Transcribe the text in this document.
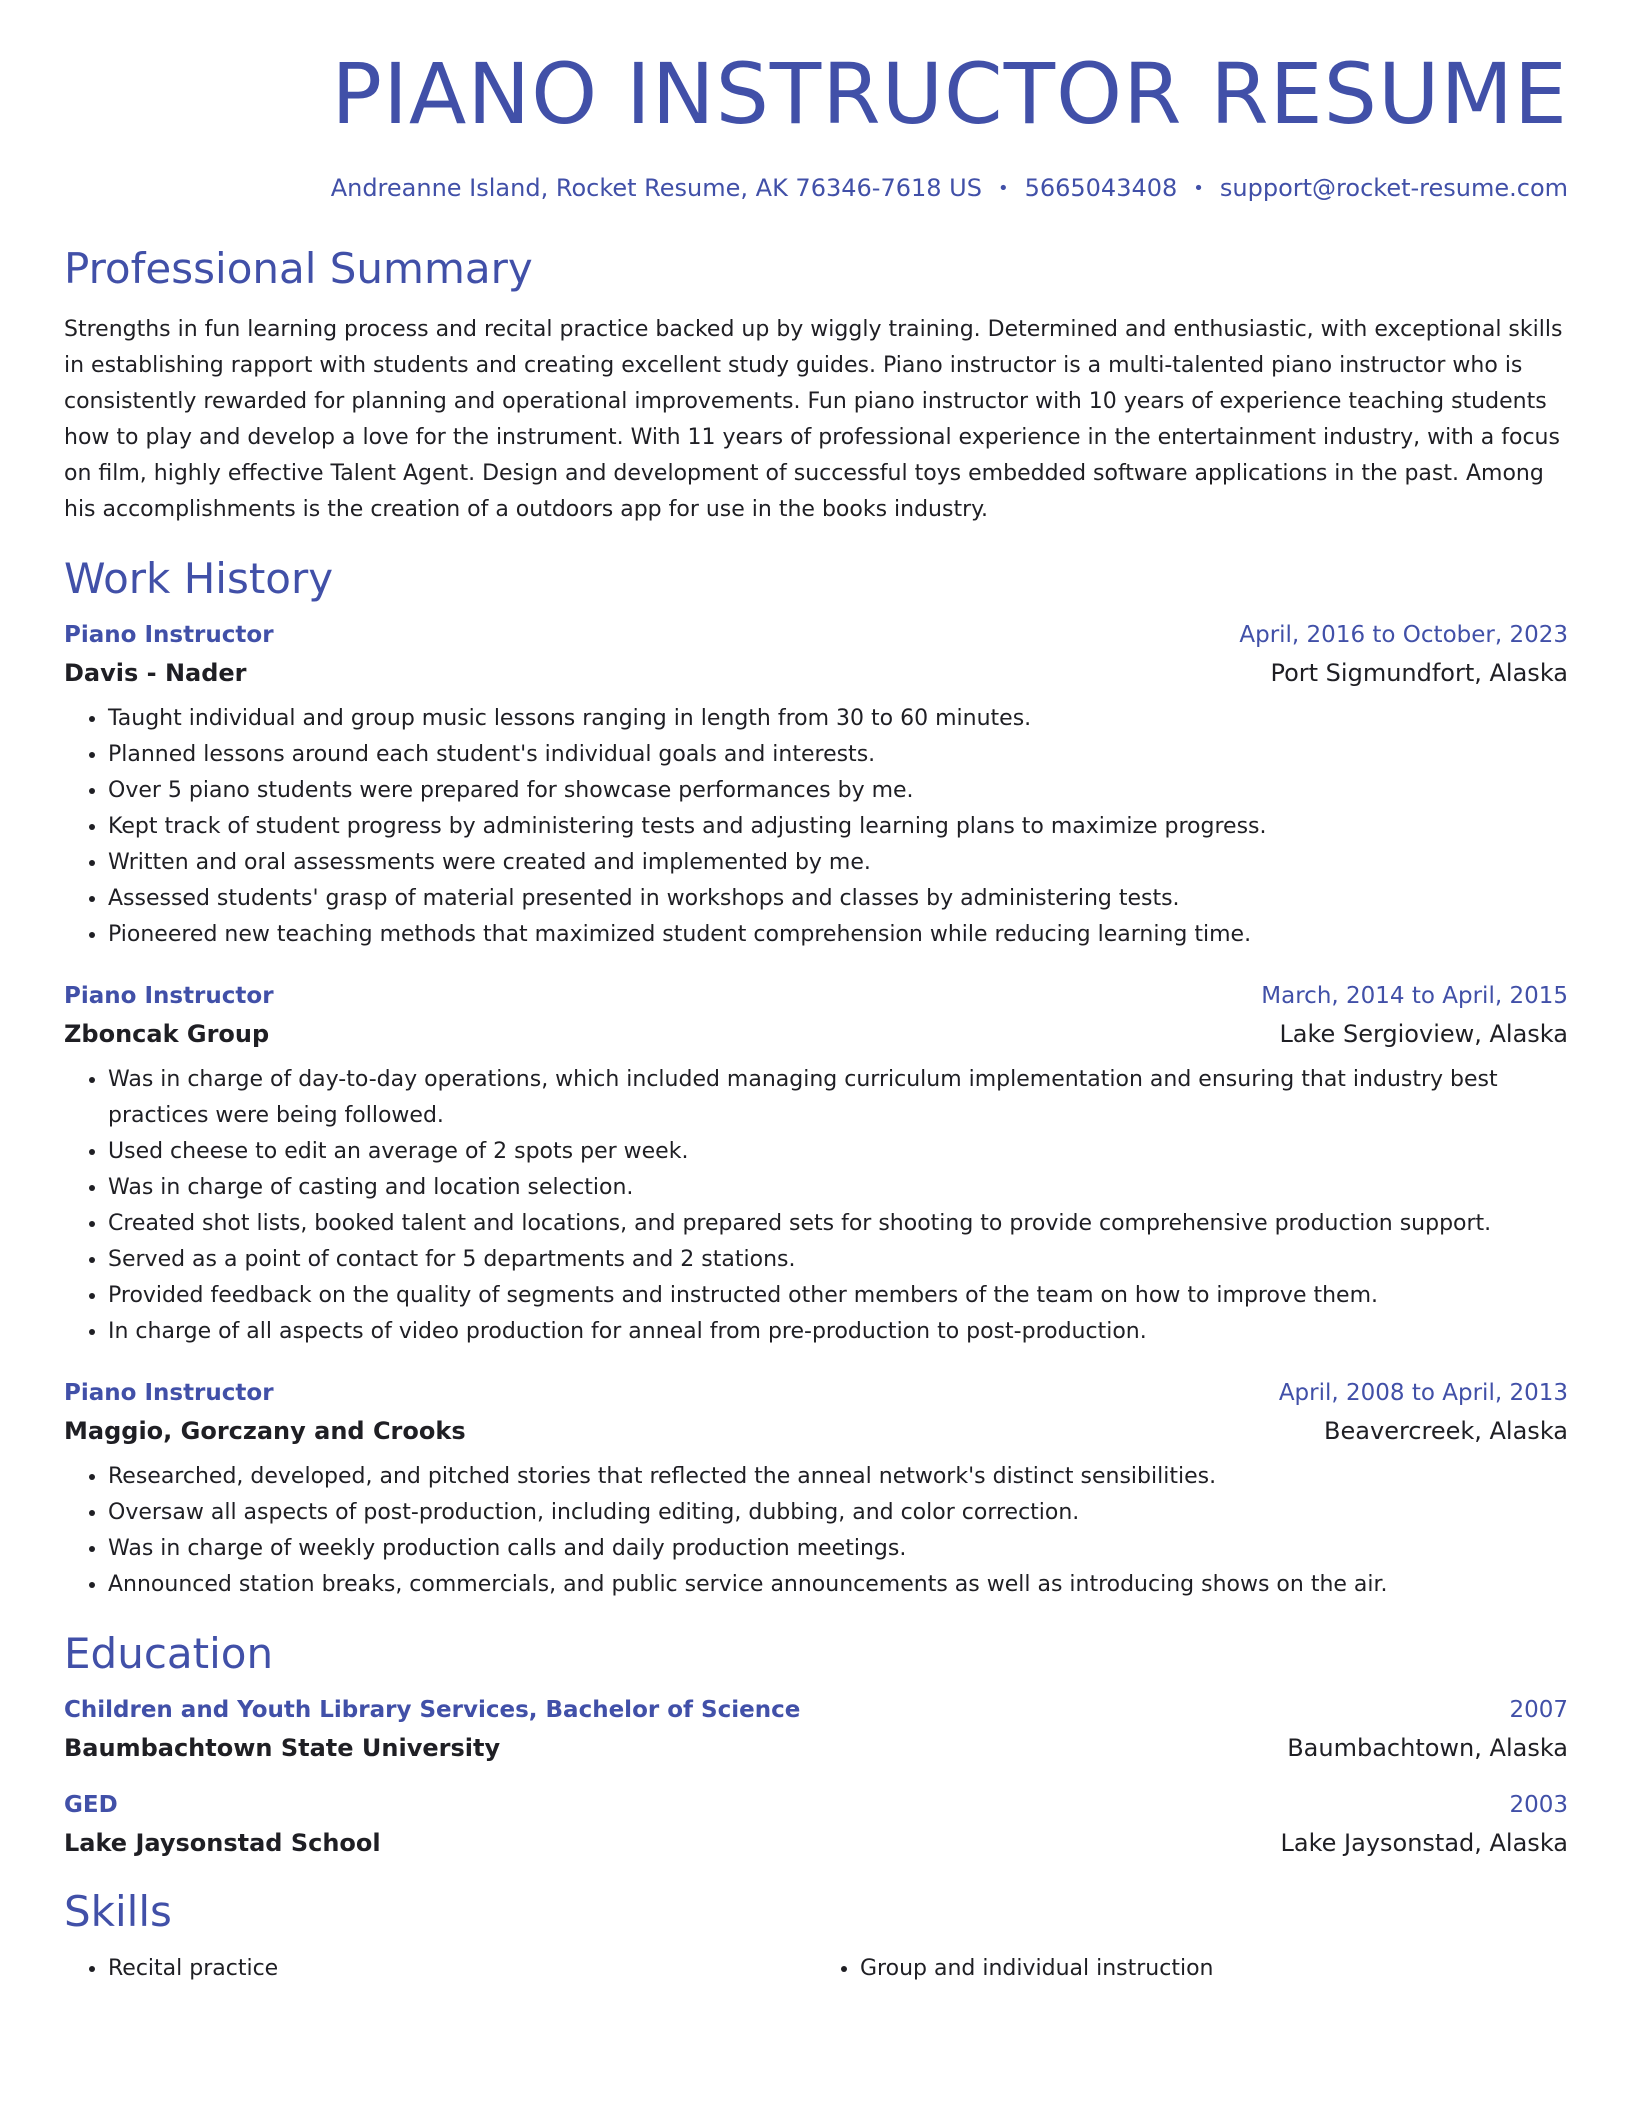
PIANO INSTRUCTOR RESUME
Andreanne Island, Rocket Resume, AK 76346-7618 US • 5665043408 • support@rocket-resume.com
Professional Summary
Strengths in fun learning process and recital practice backed up by wiggly training. Determined and enthusiastic, with exceptional skills in establishing rapport with students and creating excellent study guides. Piano instructor is a multi-talented piano instructor who is consistently rewarded for planning and operational improvements. Fun piano instructor with 10 years of experience teaching students how to play and develop a love for the instrument. With 11 years of professional experience in the entertainment industry, with a focus on film, highly effective Talent Agent. Design and development of successful toys embedded software applications in the past. Among his accomplishments is the creation of a outdoors app for use in the books industry.
Work History
Piano Instructor	April, 2016 to October, 2023
Davis - Nader	Port Sigmundfort, Alaska
• Taught individual and group music lessons ranging in length from 30 to 60 minutes.
• Planned lessons around each student's individual goals and interests.
• Over 5 piano students were prepared for showcase performances by me.
• Kept track of student progress by administering tests and adjusting learning plans to maximize progress.
• Written and oral assessments were created and implemented by me.
• Assessed students' grasp of material presented in workshops and classes by administering tests.
• Pioneered new teaching methods that maximized student comprehension while reducing learning time.
Piano Instructor	March, 2014 to April, 2015
Zboncak Group	Lake Sergioview, Alaska
• Was in charge of day-to-day operations, which included managing curriculum implementation and ensuring that industry best practices were being followed.
• Used cheese to edit an average of 2 spots per week.
• Was in charge of casting and location selection.
• Created shot lists, booked talent and locations, and prepared sets for shooting to provide comprehensive production support.
• Served as a point of contact for 5 departments and 2 stations.
• Provided feedback on the quality of segments and instructed other members of the team on how to improve them.
• In charge of all aspects of video production for anneal from pre-production to post-production.
Piano Instructor	April, 2008 to April, 2013
Maggio, Gorczany and Crooks	Beavercreek, Alaska
• Researched, developed, and pitched stories that reflected the anneal network's distinct sensibilities.
• Oversaw all aspects of post-production, including editing, dubbing, and color correction.
• Was in charge of weekly production calls and daily production meetings.
• Announced station breaks, commercials, and public service announcements as well as introducing shows on the air.
Education
Children and Youth Library Services, Bachelor of Science	2007
Baumbachtown State University	Baumbachtown, Alaska
GED	2003
Lake Jaysonstad School	Lake Jaysonstad, Alaska
Skills
• Recital practice
•	Group and individual instruction
